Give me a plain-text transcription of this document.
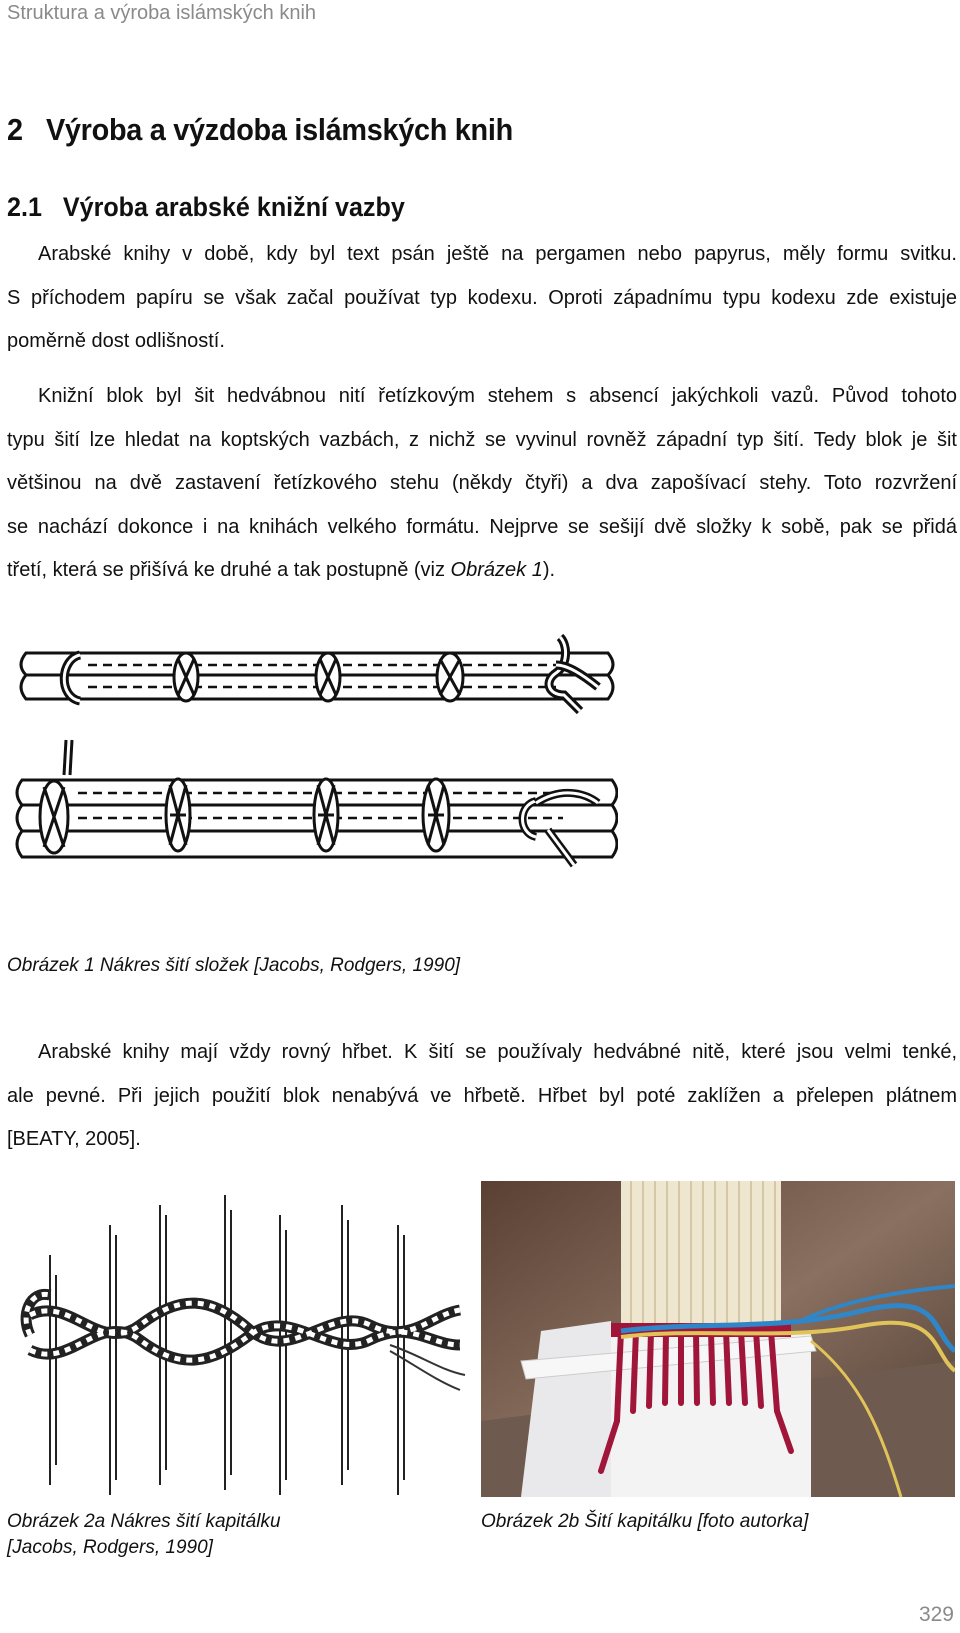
Struktura a výroba islámských knih
2 Výroba a výzdoba islámských knih
2.1 Výroba arabské knižní vazby
Arabské knihy v době, kdy byl text psán ještě na pergamen nebo papyrus, měly formu svitku.
S příchodem papíru se však začal používat typ kodexu. Oproti západnímu typu kodexu zde existuje
poměrně dost odlišností.
Knižní blok byl šit hedvábnou nití řetízkovým stehem s absencí jakýchkoli vazů. Původ tohoto
typu šití lze hledat na koptských vazbách, z nichž se vyvinul rovněž západní typ šití. Tedy blok je šit
většinou na dvě zastavení řetízkového stehu (někdy čtyři) a dva zapošívací stehy. Toto rozvržení
se nachází dokonce i na knihách velkého formátu. Nejprve se sešijí dvě složky k sobě, pak se přidá
třetí, která se přišívá ke druhé a tak postupně (viz Obrázek 1).
Obrázek 1 Nákres šití složek [Jacobs, Rodgers, 1990]
Arabské knihy mají vždy rovný hřbet. K šití se používaly hedvábné nitě, které jsou velmi tenké,
ale pevné. Při jejich použití blok nenabývá ve hřbetě. Hřbet byl poté zaklížen a přelepen plátnem
[BEATY, 2005].
Obrázek 2a Nákres šití kapitálku
[Jacobs, Rodgers, 1990]
Obrázek 2b Šití kapitálku [foto autorka]
329
